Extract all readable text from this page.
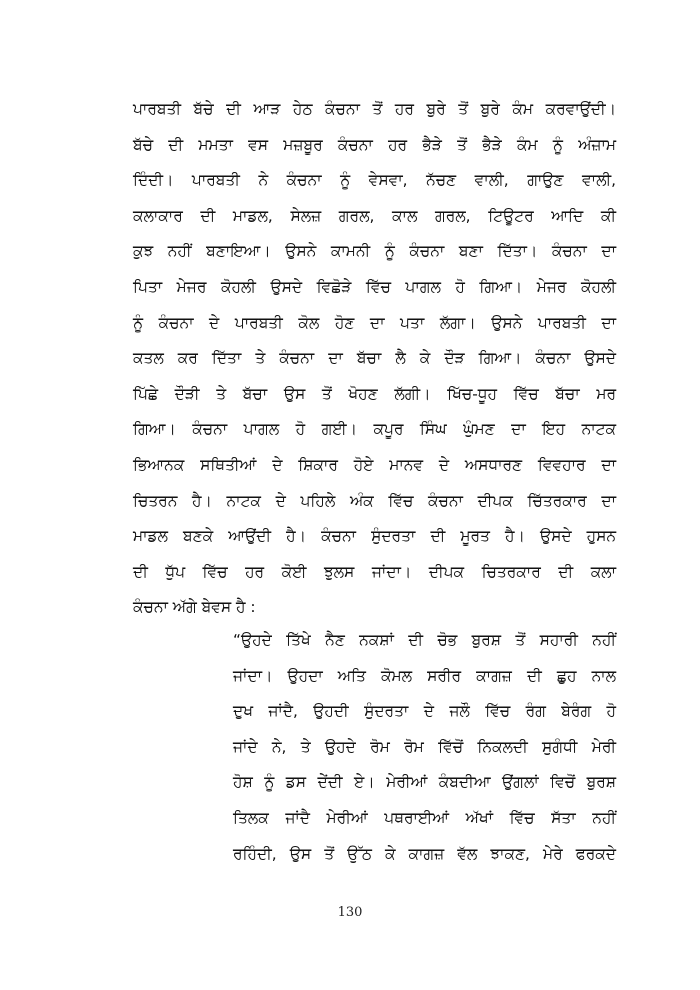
ਪਾਰਬਤੀ ਬੱਚੇ ਦੀ ਆੜ ਹੇਠ ਕੰਚਨਾ ਤੋਂ ਹਰ ਬੁਰੇ ਤੋਂ ਬੁਰੇ ਕੰਮ ਕਰਵਾਉਂਦੀ।
ਬੱਚੇ ਦੀ ਮਮਤਾ ਵਸ ਮਜ਼ਬੂਰ ਕੰਚਨਾ ਹਰ ਭੈੜੇ ਤੋਂ ਭੈੜੇ ਕੰਮ ਨੂੰ ਅੰਜ਼ਾਮ
ਦਿੰਦੀ। ਪਾਰਬਤੀ ਨੇ ਕੰਚਨਾ ਨੂੰ ਵੇਸਵਾ, ਨੱਚਣ ਵਾਲੀ, ਗਾਉਣ ਵਾਲੀ,
ਕਲਾਕਾਰ ਦੀ ਮਾਡਲ, ਸੇਲਜ਼ ਗਰਲ, ਕਾਲ ਗਰਲ, ਟਿਊਟਰ ਆਦਿ ਕੀ
ਕੁਝ ਨਹੀਂ ਬਣਾਇਆ। ਉਸਨੇ ਕਾਮਨੀ ਨੂੰ ਕੰਚਨਾ ਬਣਾ ਦਿੱਤਾ। ਕੰਚਨਾ ਦਾ
ਪਿਤਾ ਮੇਜਰ ਕੋਹਲੀ ਉਸਦੇ ਵਿਛੋੜੇ ਵਿੱਚ ਪਾਗਲ ਹੋ ਗਿਆ। ਮੇਜਰ ਕੋਹਲੀ
ਨੂੰ ਕੰਚਨਾ ਦੇ ਪਾਰਬਤੀ ਕੋਲ ਹੋਣ ਦਾ ਪਤਾ ਲੱਗਾ। ਉਸਨੇ ਪਾਰਬਤੀ ਦਾ
ਕਤਲ ਕਰ ਦਿੱਤਾ ਤੇ ਕੰਚਨਾ ਦਾ ਬੱਚਾ ਲੈ ਕੇ ਦੌੜ ਗਿਆ। ਕੰਚਨਾ ਉਸਦੇ
ਪਿੱਛੇ ਦੌੜੀ ਤੇ ਬੱਚਾ ਉਸ ਤੋਂ ਖੋਹਣ ਲੱਗੀ। ਖਿੱਚ-ਧੂਹ ਵਿੱਚ ਬੱਚਾ ਮਰ
ਗਿਆ। ਕੰਚਨਾ ਪਾਗਲ ਹੋ ਗਈ। ਕਪੂਰ ਸਿੰਘ ਘੁੰਮਣ ਦਾ ਇਹ ਨਾਟਕ
ਭਿਆਨਕ ਸਥਿਤੀਆਂ ਦੇ ਸ਼ਿਕਾਰ ਹੋਏ ਮਾਨਵ ਦੇ ਅਸਧਾਰਣ ਵਿਵਹਾਰ ਦਾ
ਚਿਤਰਨ ਹੈ। ਨਾਟਕ ਦੇ ਪਹਿਲੇ ਅੰਕ ਵਿੱਚ ਕੰਚਨਾ ਦੀਪਕ ਚਿੱਤਰਕਾਰ ਦਾ
ਮਾਡਲ ਬਣਕੇ ਆਉਂਦੀ ਹੈ। ਕੰਚਨਾ ਸੁੰਦਰਤਾ ਦੀ ਮੂਰਤ ਹੈ। ਉਸਦੇ ਹੁਸਨ
ਦੀ ਧੁੱਪ ਵਿੱਚ ਹਰ ਕੋਈ ਝੁਲਸ ਜਾਂਦਾ। ਦੀਪਕ ਚਿਤਰਕਾਰ ਦੀ ਕਲਾ
ਕੰਚਨਾ ਅੱਗੇ ਬੇਵਸ ਹੈ :
“ਉਹਦੇ ਤਿੱਖੇ ਨੈਣ ਨਕਸ਼ਾਂ ਦੀ ਚੋਭ ਬੁਰਸ਼ ਤੋਂ ਸਹਾਰੀ ਨਹੀਂ
ਜਾਂਦਾ। ਉਹਦਾ ਅਤਿ ਕੋਮਲ ਸਰੀਰ ਕਾਗਜ਼ ਦੀ ਛੁਹ ਨਾਲ
ਦੁਖ ਜਾਂਦੈ, ਉਹਦੀ ਸੁੰਦਰਤਾ ਦੇ ਜਲੌ ਵਿੱਚ ਰੰਗ ਬੇਰੰਗ ਹੋ
ਜਾਂਦੇ ਨੇ, ਤੇ ਉਹਦੇ ਰੋਮ ਰੋਮ ਵਿੱਚੋਂ ਨਿਕਲਦੀ ਸੁਗੰਧੀ ਮੇਰੀ
ਹੋਸ਼ ਨੂੰ ਡਸ ਦੇਂਦੀ ਏ। ਮੇਰੀਆਂ ਕੰਬਦੀਆ ਉਂਗਲਾਂ ਵਿਚੋਂ ਬੁਰਸ਼
ਤਿਲਕ ਜਾਂਦੈ ਮੇਰੀਆਂ ਪਥਰਾਈਆਂ ਅੱਖਾਂ ਵਿੱਚ ਸੱਤਾ ਨਹੀਂ
ਰਹਿੰਦੀ, ਉਸ ਤੋਂ ਉੱਠ ਕੇ ਕਾਗਜ਼ ਵੱਲ ਝਾਕਣ, ਮੇਰੇ ਫਰਕਦੇ
130
